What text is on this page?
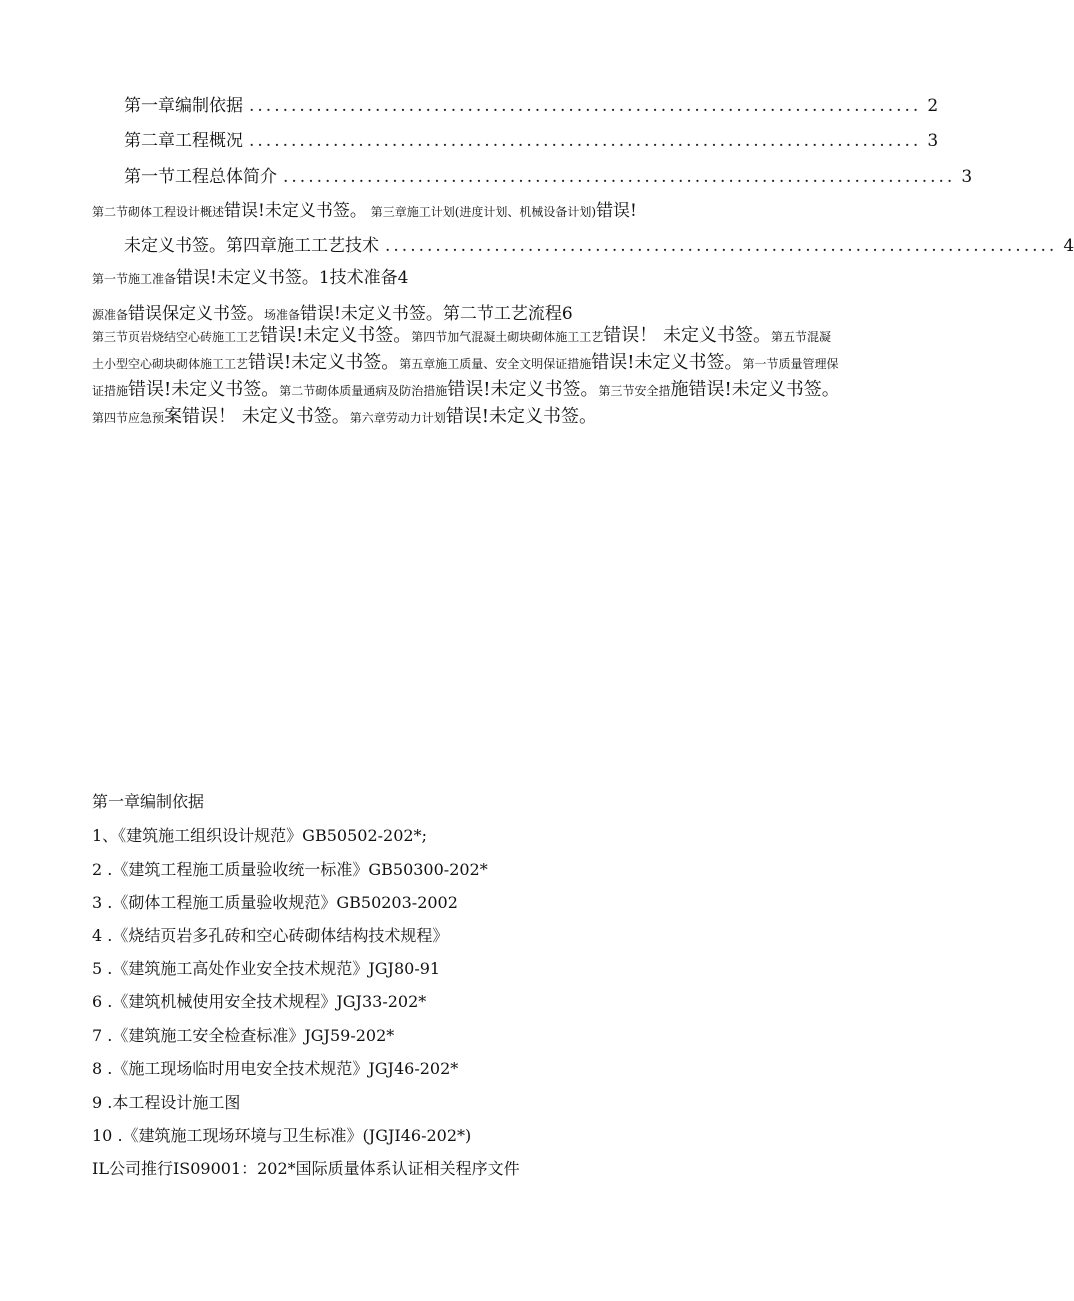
第一章编制依据 ................................................................................ 2
第二章工程概况 ................................................................................ 3
第一节工程总体简介 ................................................................................ 3
第二节砌体工程设计概述错误!未定义书签。 第三章施工计划(进度计划、机械设备计划)错误!
未定义书签。第四章施工工艺技术 ................................................................................ 4
第一节施工准备错误!未定义书签。1技术准备4
源准备错误保定义书签。场准备错误!未定义书签。第二节工艺流程6
第三节页岩烧结空心砖施工工艺错误!未定义书签。第四节加气混凝土砌块砌体施工工艺错误！ 未定义书签。第五节混凝土小型空心砌块砌体施工工艺错误!未定义书签。第五章施工质量、安全文明保证措施错误!未定义书签。第一节质量管理保证措施错误!未定义书签。第二节砌体质量通病及防治措施错误!未定义书签。第三节安全措施错误!未定义书签。第四节应急预案错误！ 未定义书签。第六章劳动力计划错误!未定义书签。
第一章编制依据
1、《建筑施工组织设计规范》GB50502-202*;
2 .《建筑工程施工质量验收统一标准》GB50300-202*
3 .《砌体工程施工质量验收规范》GB50203-2002
4 .《烧结页岩多孔砖和空心砖砌体结构技术规程》
5 .《建筑施工高处作业安全技术规范》JGJ80-91
6 .《建筑机械使用安全技术规程》JGJ33-202*
7 .《建筑施工安全检查标准》JGJ59-202*
8 .《施工现场临时用电安全技术规范》JGJ46-202*
9 .本工程设计施工图
10 .《建筑施工现场环境与卫生标准》(JGJI46-202*)
IL公司推行IS09001：202*国际质量体系认证相关程序文件
